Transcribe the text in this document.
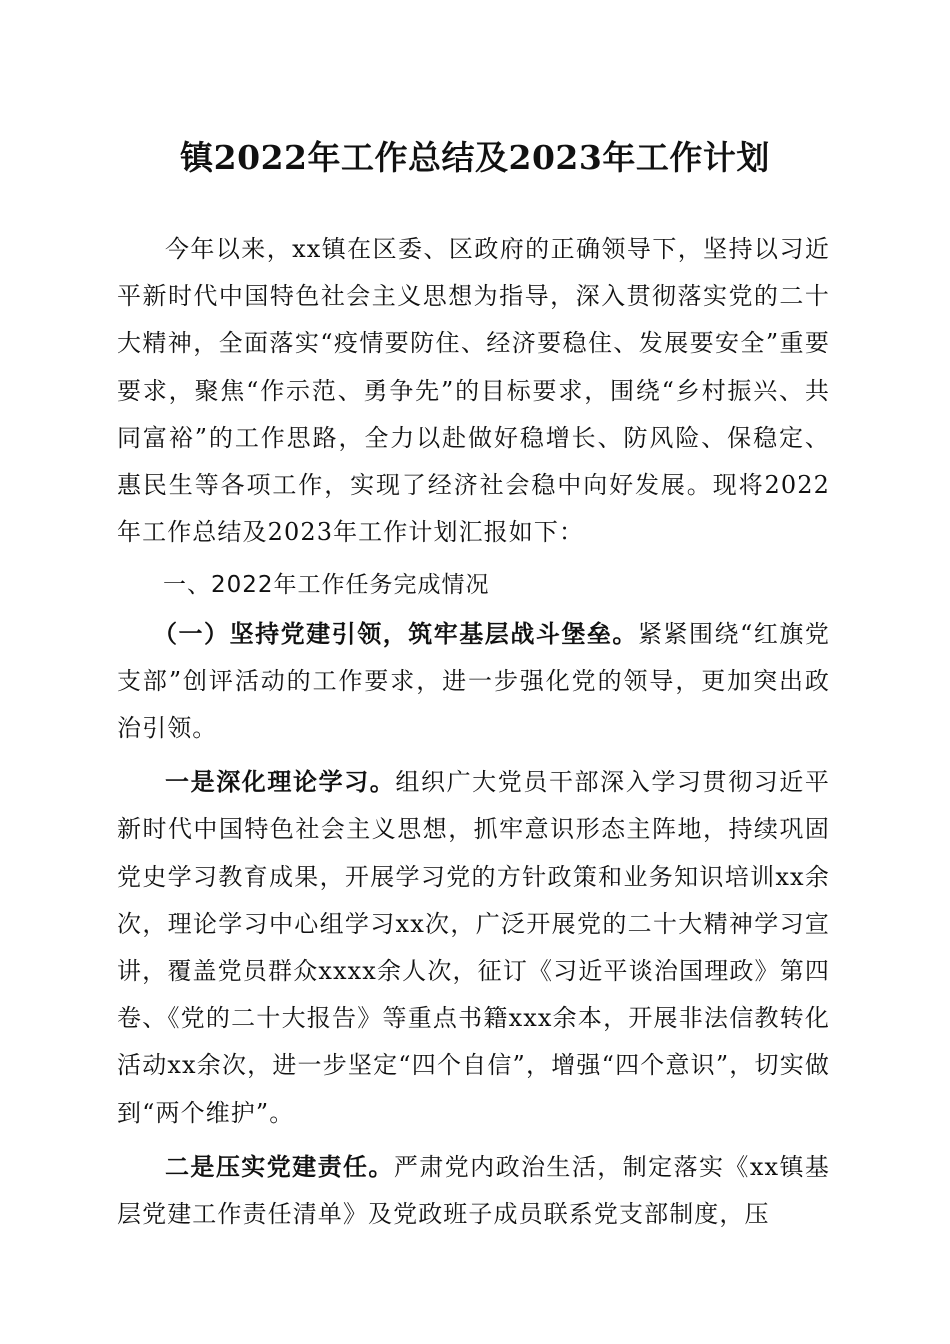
镇2022年工作总结及2023年工作计划

今年以来，xx镇在区委、区政府的正确领导下，坚持以习近平新时代中国特色社会主义思想为指导，深入贯彻落实党的二十大精神，全面落实“疫情要防住、经济要稳住、发展要安全”重要要求，聚焦“作示范、勇争先”的目标要求，围绕“乡村振兴、共同富裕”的工作思路，全力以赴做好稳增长、防风险、保稳定、惠民生等各项工作，实现了经济社会稳中向好发展。现将2022年工作总结及2023年工作计划汇报如下：

一、2022年工作任务完成情况

（一）坚持党建引领，筑牢基层战斗堡垒。紧紧围绕“红旗党支部”创评活动的工作要求，进一步强化党的领导，更加突出政治引领。

一是深化理论学习。组织广大党员干部深入学习贯彻习近平新时代中国特色社会主义思想，抓牢意识形态主阵地，持续巩固党史学习教育成果，开展学习党的方针政策和业务知识培训xx余次，理论学习中心组学习xx次，广泛开展党的二十大精神学习宣讲，覆盖党员群众xxxx余人次，征订《习近平谈治国理政》第四卷、《党的二十大报告》等重点书籍xxx余本，开展非法信教转化活动xx余次，进一步坚定“四个自信”，增强“四个意识”，切实做到“两个维护”。

二是压实党建责任。严肃党内政治生活，制定落实《xx镇基层党建工作责任清单》及党政班子成员联系党支部制度，压
